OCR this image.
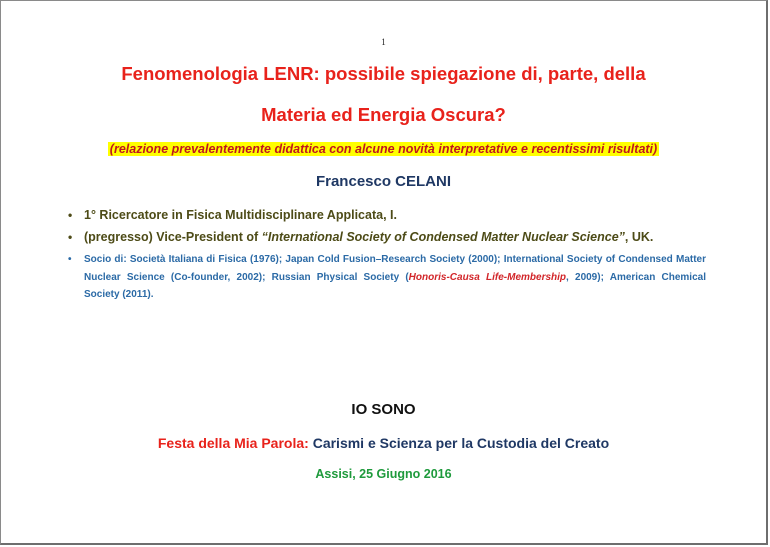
1
Fenomenologia LENR: possibile spiegazione di, parte, della
Materia ed Energia Oscura?
(relazione prevalentemente didattica con alcune novità interpretative e recentissimi risultati)
Francesco CELANI
• 1° Ricercatore in Fisica Multidisciplinare Applicata, I.
• (pregresso) Vice-President of “International Society of Condensed Matter Nuclear Science”, UK.
• Socio di: Società Italiana di Fisica (1976); Japan Cold Fusion–Research Society (2000); International Society of Condensed Matter Nuclear Science (Co-founder, 2002); Russian Physical Society (Honoris-Causa Life-Membership, 2009); American Chemical Society (2011).
IO SONO
Festa della Mia Parola: Carismi e Scienza per la Custodia del Creato
Assisi, 25 Giugno 2016
